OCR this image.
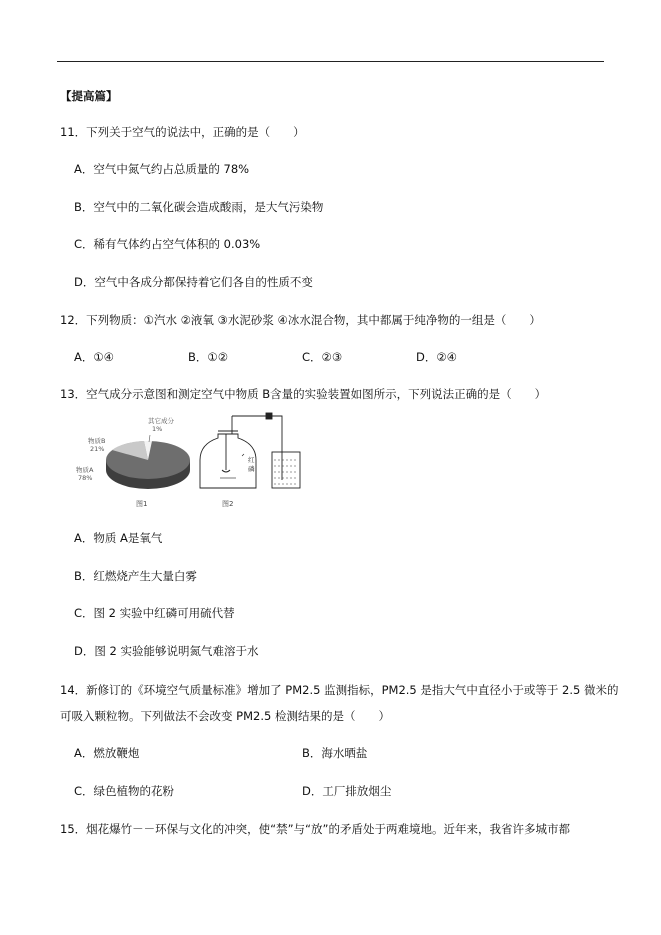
【提高篇】
11．下列关于空气的说法中，正确的是（　　）
A．空气中氮气约占总质量的 78%
B．空气中的二氧化碳会造成酸雨，是大气污染物
C．稀有气体约占空气体积的 0.03%
D．空气中各成分都保持着它们各自的性质不变
12．下列物质：①汽水 ②液氧 ③水泥砂浆 ④冰水混合物，其中都属于纯净物的一组是（　　）
A．①④	B．①②	C．②③	D．②④
13．空气成分示意图和测定空气中物质 B含量的实验装置如图所示，下列说法正确的是（　　）
其它成分
1%
物质B
21%
物质A
78%
图1
红
磷
图2
A．物质 A是氧气
B．红燃烧产生大量白雾
C．图 2 实验中红磷可用硫代替
D．图 2 实验能够说明氮气难溶于水
14．新修订的《环境空气质量标准》增加了 PM2.5 监测指标，PM2.5 是指大气中直径小于或等于 2.5 微米的
可吸入颗粒物。下列做法不会改变 PM2.5 检测结果的是（　　）
A．燃放鞭炮	B．海水晒盐
C．绿色植物的花粉	D．工厂排放烟尘
15．烟花爆竹－－环保与文化的冲突，使“禁”与“放”的矛盾处于两难境地。近年来，我省许多城市都
